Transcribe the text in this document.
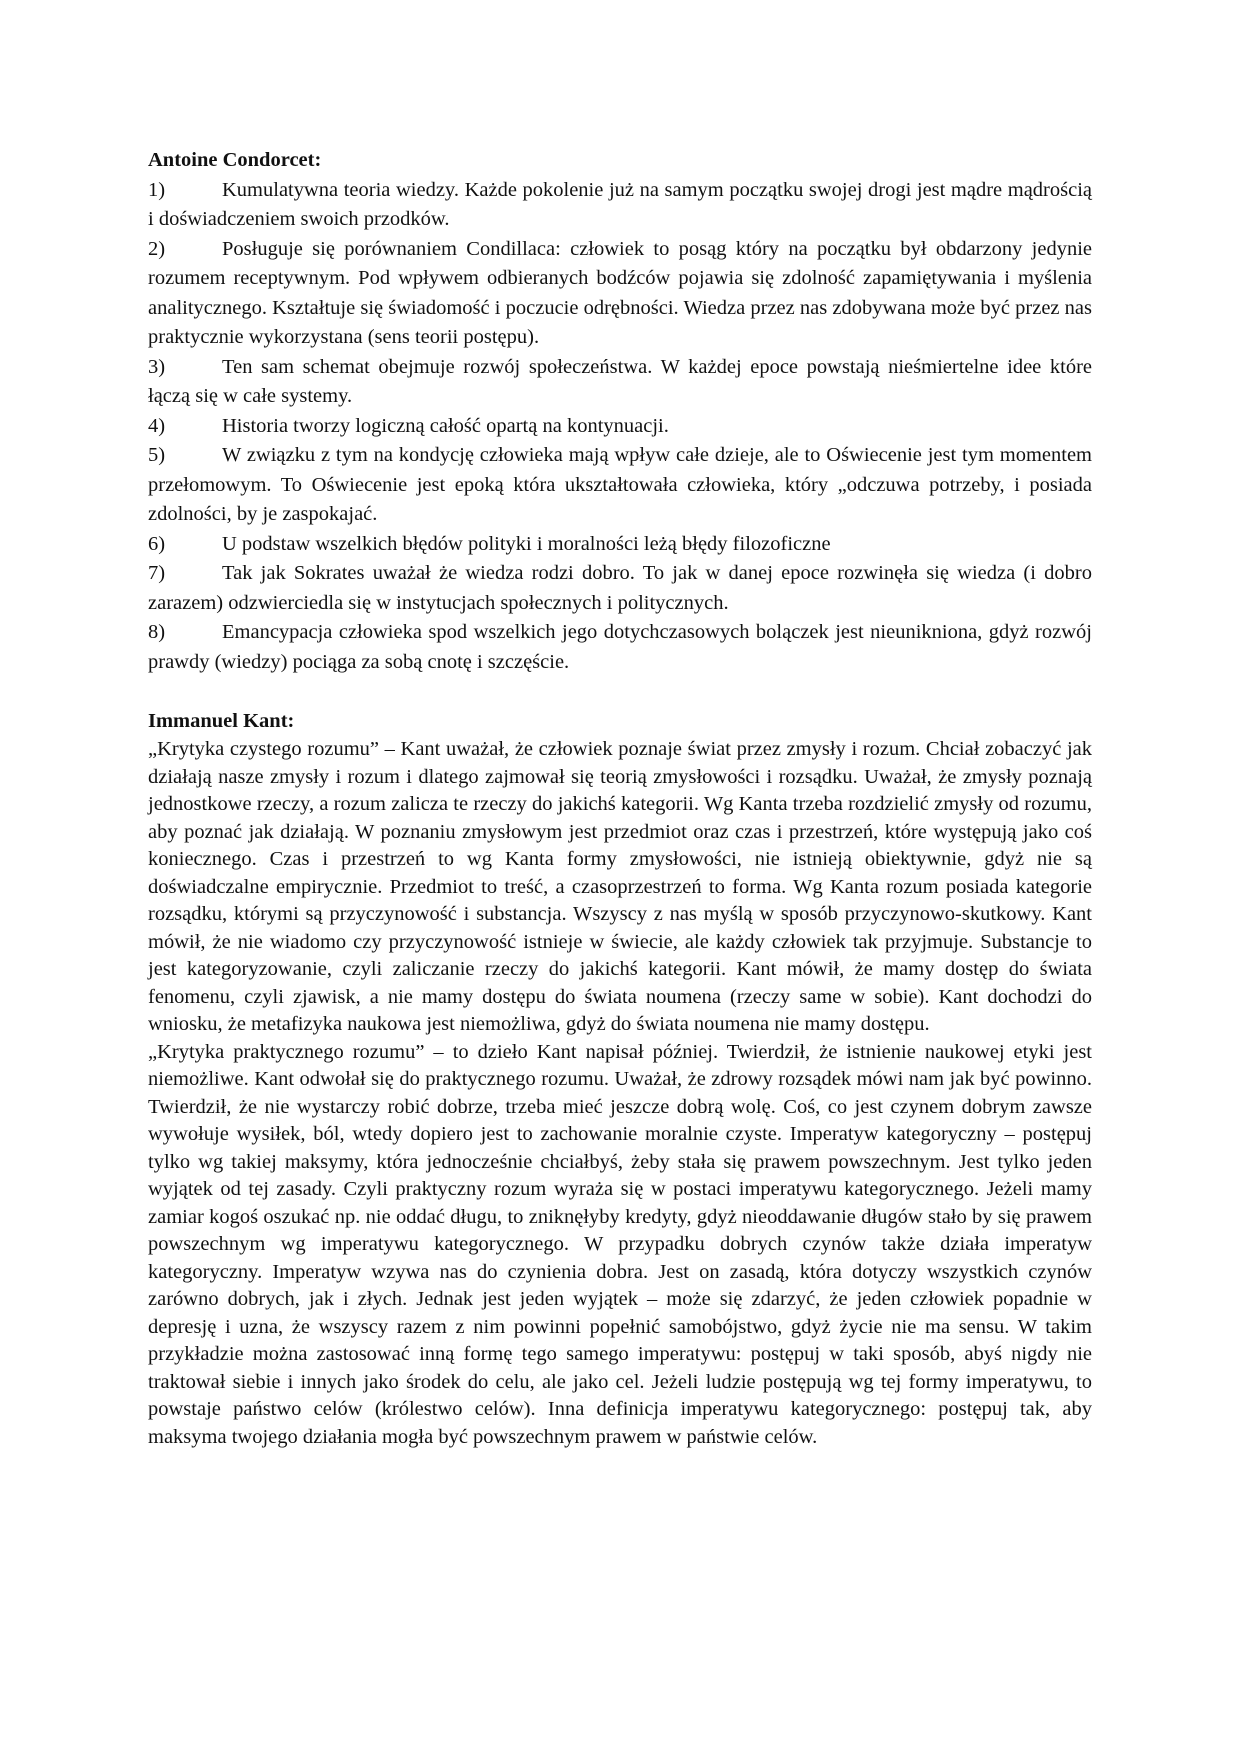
Antoine Condorcet:

1)	Kumulatywna teoria wiedzy. Każde pokolenie już na samym początku swojej drogi jest mądre mądrością i doświadczeniem swoich przodków.
2)	Posługuje się porównaniem Condillaca: człowiek to posąg który na początku był obdarzony jedynie rozumem receptywnym. Pod wpływem odbieranych bodźców pojawia się zdolność zapamiętywania i myślenia analitycznego. Kształtuje się świadomość i poczucie odrębności. Wiedza przez nas zdobywana może być przez nas praktycznie wykorzystana (sens teorii postępu).
3)	Ten sam schemat obejmuje rozwój społeczeństwa. W każdej epoce powstają nieśmiertelne idee które łączą się w całe systemy.
4)	Historia tworzy logiczną całość opartą na kontynuacji.
5)	W związku z tym na kondycję człowieka mają wpływ całe dzieje, ale to Oświecenie jest tym momentem przełomowym. To Oświecenie jest epoką która ukształtowała człowieka, który „odczuwa potrzeby, i posiada zdolności, by je zaspokajać.
6)	U podstaw wszelkich błędów polityki i moralności leżą błędy filozoficzne
7)	Tak jak Sokrates uważał że wiedza rodzi dobro. To jak w danej epoce rozwinęła się wiedza (i dobro zarazem) odzwierciedla się w instytucjach społecznych i politycznych.
8)	Emancypacja człowieka spod wszelkich jego dotychczasowych bolączek jest nieunikniona, gdyż rozwój prawdy (wiedzy) pociąga za sobą cnotę i szczęście.

Immanuel Kant:

„Krytyka czystego rozumu” – Kant uważał, że człowiek poznaje świat przez zmysły i rozum. Chciał zobaczyć jak działają nasze zmysły i rozum i dlatego zajmował się teorią zmysłowości i rozsądku. Uważał, że zmysły poznają jednostkowe rzeczy, a rozum zalicza te rzeczy do jakichś kategorii. Wg Kanta trzeba rozdzielić zmysły od rozumu, aby poznać jak działają. W poznaniu zmysłowym jest przedmiot oraz czas i przestrzeń, które występują jako coś koniecznego. Czas i przestrzeń to wg Kanta formy zmysłowości, nie istnieją obiektywnie, gdyż nie są doświadczalne empirycznie. Przedmiot to treść, a czasoprzestrzeń to forma. Wg Kanta rozum posiada kategorie rozsądku, którymi są przyczynowość i substancja. Wszyscy z nas myślą w sposób przyczynowo-skutkowy. Kant mówił, że nie wiadomo czy przyczynowość istnieje w świecie, ale każdy człowiek tak przyjmuje. Substancje to jest kategoryzowanie, czyli zaliczanie rzeczy do jakichś kategorii. Kant mówił, że mamy dostęp do świata fenomenu, czyli zjawisk, a nie mamy dostępu do świata noumena (rzeczy same w sobie). Kant dochodzi do wniosku, że metafizyka naukowa jest niemożliwa, gdyż do świata noumena nie mamy dostępu.

„Krytyka praktycznego rozumu” – to dzieło Kant napisał później. Twierdził, że istnienie naukowej etyki jest niemożliwe. Kant odwołał się do praktycznego rozumu. Uważał, że zdrowy rozsądek mówi nam jak być powinno. Twierdził, że nie wystarczy robić dobrze, trzeba mieć jeszcze dobrą wolę. Coś, co jest czynem dobrym zawsze wywołuje wysiłek, ból, wtedy dopiero jest to zachowanie moralnie czyste. Imperatyw kategoryczny – postępuj tylko wg takiej maksymy, która jednocześnie chciałbyś, żeby stała się prawem powszechnym. Jest tylko jeden wyjątek od tej zasady. Czyli praktyczny rozum wyraża się w postaci imperatywu kategorycznego. Jeżeli mamy zamiar kogoś oszukać np. nie oddać długu, to zniknęłyby kredyty, gdyż nieoddawanie długów stało by się prawem powszechnym wg imperatywu kategorycznego. W przypadku dobrych czynów także działa imperatyw kategoryczny. Imperatyw wzywa nas do czynienia dobra. Jest on zasadą, która dotyczy wszystkich czynów zarówno dobrych, jak i złych. Jednak jest jeden wyjątek – może się zdarzyć, że jeden człowiek popadnie w depresję i uzna, że wszyscy razem z nim powinni popełnić samobójstwo, gdyż życie nie ma sensu. W takim przykładzie można zastosować inną formę tego samego imperatywu: postępuj w taki sposób, abyś nigdy nie traktował siebie i innych jako środek do celu, ale jako cel. Jeżeli ludzie postępują wg tej formy imperatywu, to powstaje państwo celów (królestwo celów). Inna definicja imperatywu kategorycznego: postępuj tak, aby maksyma twojego działania mogła być powszechnym prawem w państwie celów.
